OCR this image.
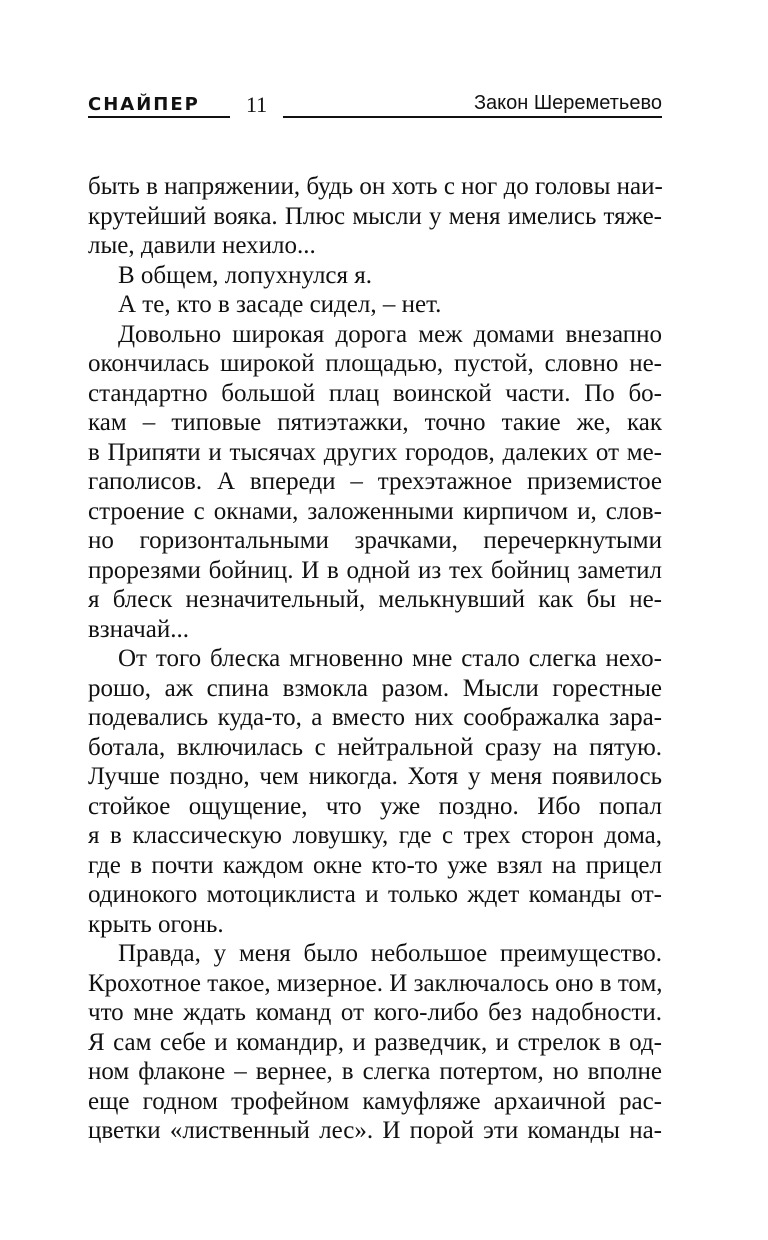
СНАЙПЕР 11	Закон Шереметьево
быть в напряжении, будь он хоть с ног до головы наи-
крутейший вояка. Плюс мысли у меня имелись тяже-
лые, давили нехило...
В общем, лопухнулся я.
А те, кто в засаде сидел, – нет.
Довольно широкая дорога меж домами внезапно
окончилась широкой площадью, пустой, словно не-
стандартно большой плац воинской части. По бо-
кам – типовые пятиэтажки, точно такие же, как
в Припяти и тысячах других городов, далеких от ме-
гаполисов. А впереди – трехэтажное приземистое
строение с окнами, заложенными кирпичом и, слов-
но горизонтальными зрачками, перечеркнутыми
прорезями бойниц. И в одной из тех бойниц заметил
я блеск незначительный, мелькнувший как бы не-
взначай...
От того блеска мгновенно мне стало слегка нехо-
рошо, аж спина взмокла разом. Мысли горестные
подевались куда-то, а вместо них соображалка зара-
ботала, включилась с нейтральной сразу на пятую.
Лучше поздно, чем никогда. Хотя у меня появилось
стойкое ощущение, что уже поздно. Ибо попал
я в классическую ловушку, где с трех сторон дома,
где в почти каждом окне кто-то уже взял на прицел
одинокого мотоциклиста и только ждет команды от-
крыть огонь.
Правда, у меня было небольшое преимущество.
Крохотное такое, мизерное. И заключалось оно в том,
что мне ждать команд от кого-либо без надобности.
Я сам себе и командир, и разведчик, и стрелок в од-
ном флаконе – вернее, в слегка потертом, но вполне
еще годном трофейном камуфляже архаичной рас-
цветки «лиственный лес». И порой эти команды на-
